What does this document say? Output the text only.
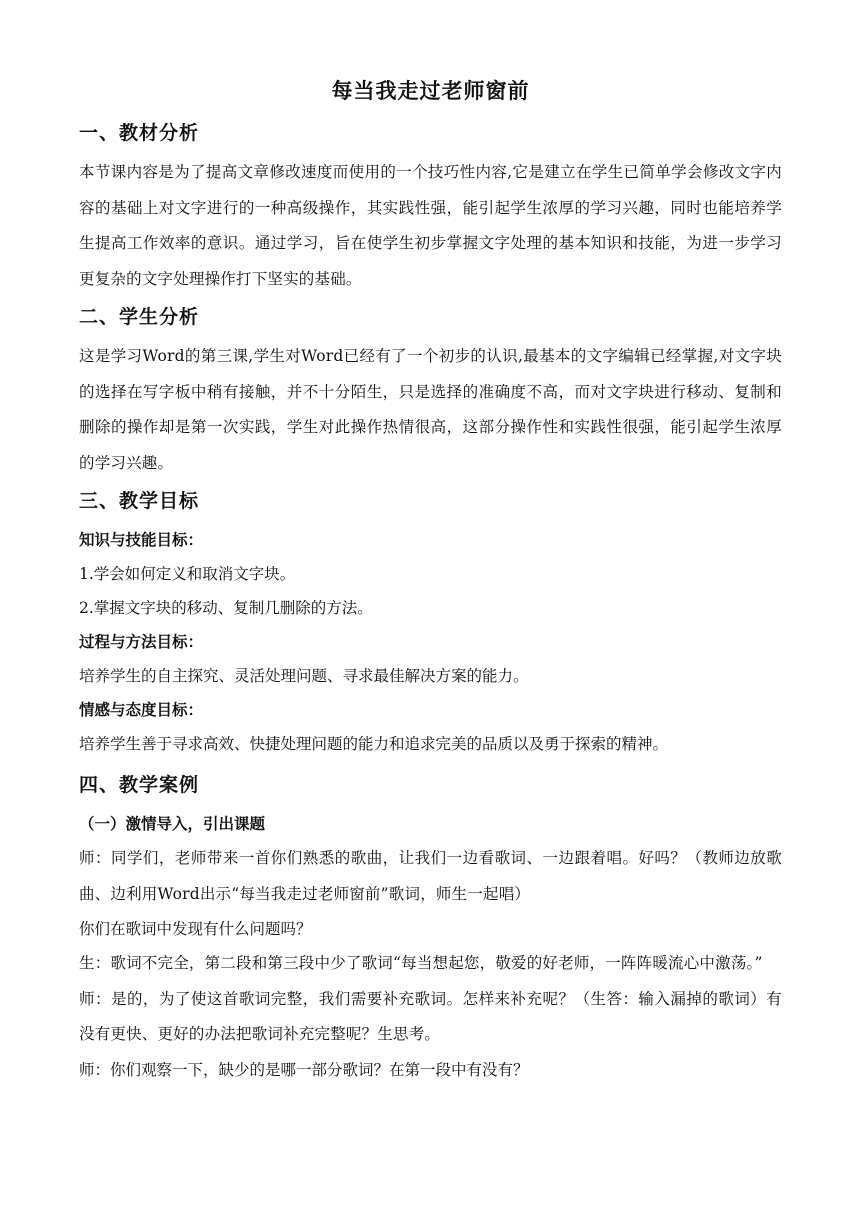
每当我走过老师窗前
一、教材分析
本节课内容是为了提高文章修改速度而使用的一个技巧性内容,它是建立在学生已简单学会修改文字内容的基础上对文字进行的一种高级操作，其实践性强，能引起学生浓厚的学习兴趣，同时也能培养学生提高工作效率的意识。通过学习，旨在使学生初步掌握文字处理的基本知识和技能，为进一步学习更复杂的文字处理操作打下坚实的基础。
二、学生分析
这是学习Word的第三课,学生对Word已经有了一个初步的认识,最基本的文字编辑已经掌握,对文字块的选择在写字板中稍有接触，并不十分陌生，只是选择的准确度不高，而对文字块进行移动、复制和删除的操作却是第一次实践，学生对此操作热情很高，这部分操作性和实践性很强，能引起学生浓厚的学习兴趣。
三、教学目标
知识与技能目标：
1.学会如何定义和取消文字块。
2.掌握文字块的移动、复制几删除的方法。
过程与方法目标：
培养学生的自主探究、灵活处理问题、寻求最佳解决方案的能力。
情感与态度目标：
培养学生善于寻求高效、快捷处理问题的能力和追求完美的品质以及勇于探索的精神。
四、教学案例
（一）激情导入，引出课题
师：同学们，老师带来一首你们熟悉的歌曲，让我们一边看歌词、一边跟着唱。好吗？（教师边放歌曲、边利用Word出示“每当我走过老师窗前”歌词，师生一起唱）
你们在歌词中发现有什么问题吗？
生：歌词不完全，第二段和第三段中少了歌词“每当想起您，敬爱的好老师，一阵阵暖流心中激荡。”
师：是的，为了使这首歌词完整，我们需要补充歌词。怎样来补充呢？（生答：输入漏掉的歌词）有没有更快、更好的办法把歌词补充完整呢？生思考。
师：你们观察一下，缺少的是哪一部分歌词？在第一段中有没有？
